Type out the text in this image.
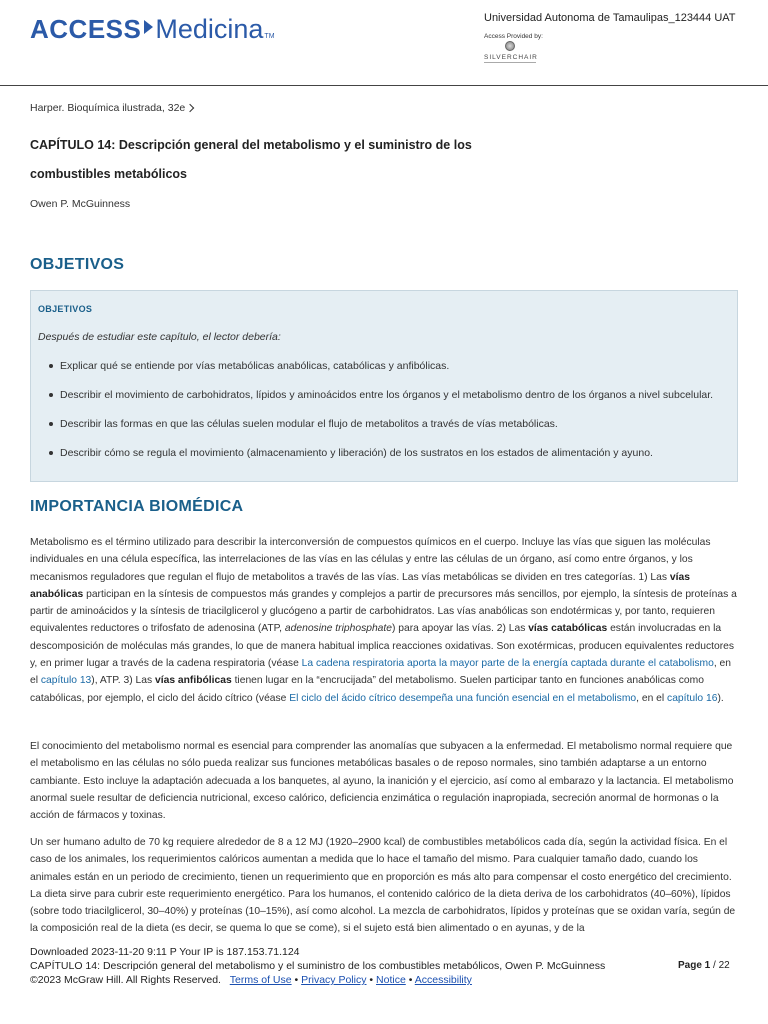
ACCESS Medicina TM
Universidad Autonoma de Tamaulipas_123444 UAT
Access Provided by:
SILVERCHAIR
Harper. Bioquímica ilustrada, 32e
CAPÍTULO 14: Descripción general del metabolismo y el suministro de los combustibles metabólicos
Owen P. McGuinness
OBJETIVOS
OBJETIVOS
Después de estudiar este capítulo, el lector debería:
Explicar qué se entiende por vías metabólicas anabólicas, catabólicas y anfibólicas.
Describir el movimiento de carbohidratos, lípidos y aminoácidos entre los órganos y el metabolismo dentro de los órganos a nivel subcelular.
Describir las formas en que las células suelen modular el flujo de metabolitos a través de vías metabólicas.
Describir cómo se regula el movimiento (almacenamiento y liberación) de los sustratos en los estados de alimentación y ayuno.
IMPORTANCIA BIOMÉDICA

Metabolismo es el término utilizado para describir la interconversión de compuestos químicos en el cuerpo. Incluye las vías que siguen las moléculas individuales en una célula específica, las interrelaciones de las vías en las células y entre las células de un órgano, así como entre órganos, y los mecanismos reguladores que regulan el flujo de metabolitos a través de las vías. Las vías metabólicas se dividen en tres categorías. 1) Las vías anabólicas participan en la síntesis de compuestos más grandes y complejos a partir de precursores más sencillos, por ejemplo, la síntesis de proteínas a partir de aminoácidos y la síntesis de triacilglicerol y glucógeno a partir de carbohidratos. Las vías anabólicas son endotérmicas y, por tanto, requieren equivalentes reductores o trifosfato de adenosina (ATP, adenosine triphosphate) para apoyar las vías. 2) Las vías catabólicas están involucradas en la descomposición de moléculas más grandes, lo que de manera habitual implica reacciones oxidativas. Son exotérmicas, producen equivalentes reductores y, en primer lugar a través de la cadena respiratoria (véase La cadena respiratoria aporta la mayor parte de la energía captada durante el catabolismo, en el capítulo 13), ATP. 3) Las vías anfibólicas tienen lugar en la “encrucijada” del metabolismo. Suelen participar tanto en funciones anabólicas como catabólicas, por ejemplo, el ciclo del ácido cítrico (véase El ciclo del ácido cítrico desempeña una función esencial en el metabolismo, en el capítulo 16).

El conocimiento del metabolismo normal es esencial para comprender las anomalías que subyacen a la enfermedad. El metabolismo normal requiere que el metabolismo en las células no sólo pueda realizar sus funciones metabólicas basales o de reposo normales, sino también adaptarse a un entorno cambiante. Esto incluye la adaptación adecuada a los banquetes, al ayuno, la inanición y el ejercicio, así como al embarazo y la lactancia. El metabolismo anormal suele resultar de deficiencia nutricional, exceso calórico, deficiencia enzimática o regulación inapropiada, secreción anormal de hormonas o la acción de fármacos y toxinas.

Un ser humano adulto de 70 kg requiere alrededor de 8 a 12 MJ (1920–2900 kcal) de combustibles metabólicos cada día, según la actividad física. En el caso de los animales, los requerimientos calóricos aumentan a medida que lo hace el tamaño del mismo. Para cualquier tamaño dado, cuando los animales están en un periodo de crecimiento, tienen un requerimiento que en proporción es más alto para compensar el costo energético del crecimiento. La dieta sirve para cubrir este requerimiento energético. Para los humanos, el contenido calórico de la dieta deriva de los carbohidratos (40–60%), lípidos (sobre todo triacilglicerol, 30–40%) y proteínas (10–15%), así como alcohol. La mezcla de carbohidratos, lípidos y proteínas que se oxidan varía, según de la composición real de la dieta (es decir, se quema lo que se come), si el sujeto está bien alimentado o en ayunas, y de la

Downloaded 2023-11-20 9:11 P Your IP is 187.153.71.124
CAPÍTULO 14: Descripción general del metabolismo y el suministro de los combustibles metabólicos, Owen P. McGuinness	Page 1 / 22
©2023 McGraw Hill. All Rights Reserved. Terms of Use • Privacy Policy • Notice • Accessibility
